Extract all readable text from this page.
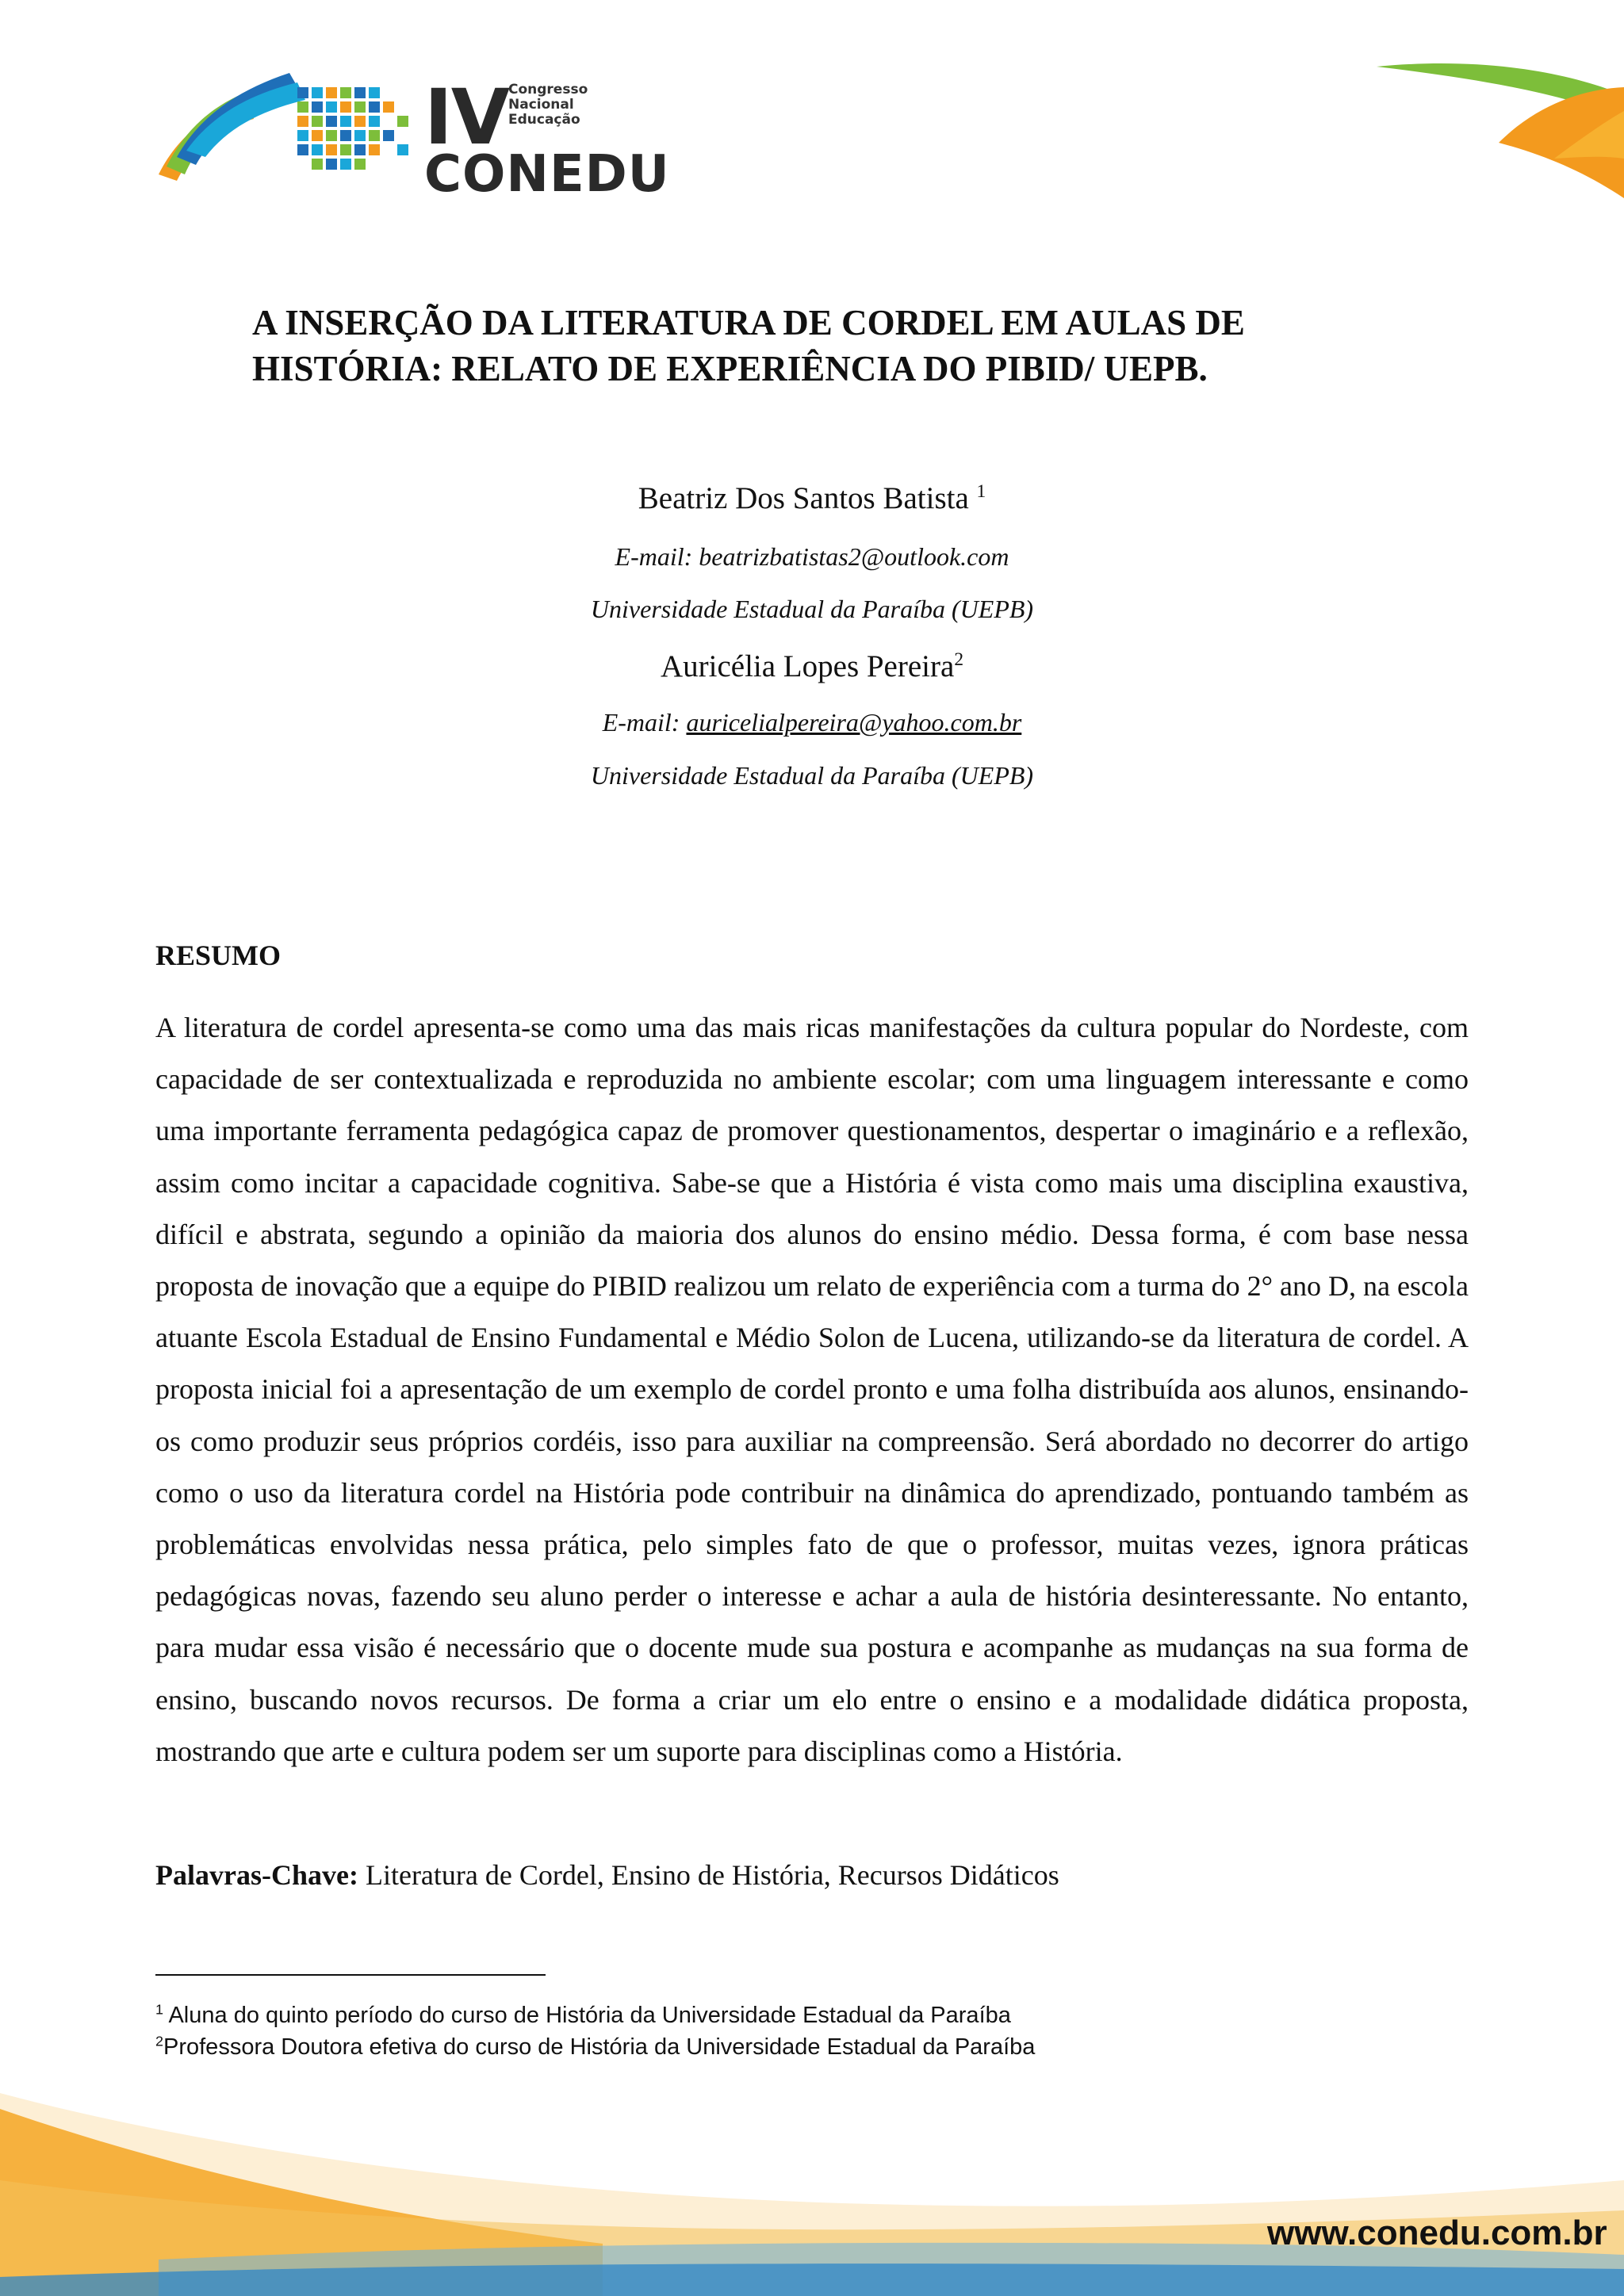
IV Congresso
Nacional
Educação
CONEDU
A INSERÇÃO DA LITERATURA DE CORDEL EM AULAS DE HISTÓRIA: RELATO DE EXPERIÊNCIA DO PIBID/ UEPB.
Beatriz Dos Santos Batista $^1$
E-mail: beatrizbatistas2@outlook.com
Universidade Estadual da Paraíba (UEPB)
Auricélia Lopes Pereira$^2$
E-mail: auricelialpereira@yahoo.com.br
Universidade Estadual da Paraíba (UEPB)
RESUMO

A literatura de cordel apresenta-se como uma das mais ricas manifestações da cultura popular do Nordeste, com capacidade de ser contextualizada e reproduzida no ambiente escolar; com uma linguagem interessante e como uma importante ferramenta pedagógica capaz de promover questionamentos, despertar o imaginário e a reflexão, assim como incitar a capacidade cognitiva. Sabe-se que a História é vista como mais uma disciplina exaustiva, difícil e abstrata, segundo a opinião da maioria dos alunos do ensino médio. Dessa forma, é com base nessa proposta de inovação que a equipe do PIBID realizou um relato de experiência com a turma do 2° ano D, na escola atuante Escola Estadual de Ensino Fundamental e Médio Solon de Lucena, utilizando-se da literatura de cordel. A proposta inicial foi a apresentação de um exemplo de cordel pronto e uma folha distribuída aos alunos, ensinando-os como produzir seus próprios cordéis, isso para auxiliar na compreensão. Será abordado no decorrer do artigo como o uso da literatura cordel na História pode contribuir na dinâmica do aprendizado, pontuando também as problemáticas envolvidas nessa prática, pelo simples fato de que o professor, muitas vezes, ignora práticas pedagógicas novas, fazendo seu aluno perder o interesse e achar a aula de história desinteressante. No entanto, para mudar essa visão é necessário que o docente mude sua postura e acompanhe as mudanças na sua forma de ensino, buscando novos recursos. De forma a criar um elo entre o ensino e a modalidade didática proposta, mostrando que arte e cultura podem ser um suporte para disciplinas como a História.

Palavras-Chave: Literatura de Cordel, Ensino de História, Recursos Didáticos
$^1$ Aluna do quinto período do curso de História da Universidade Estadual da Paraíba
$^2$Professora Doutora efetiva do curso de História da Universidade Estadual da Paraíba
www.conedu.com.br
